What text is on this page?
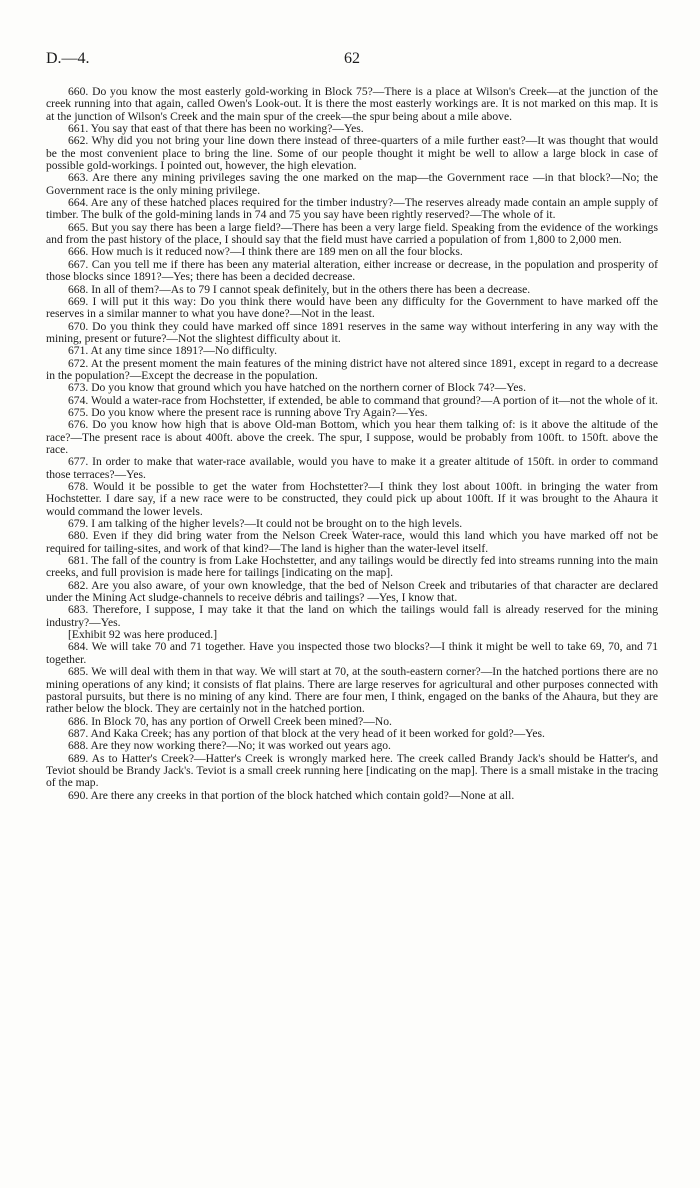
D.—4.	62

660. Do you know the most easterly gold-working in Block 75?—There is a place at Wilson's Creek—at the junction of the creek running into that again, called Owen's Look-out. It is there the most easterly workings are. It is not marked on this map. It is at the junction of Wilson's Creek and the main spur of the creek—the spur being about a mile above.

661. You say that east of that there has been no working?—Yes.

662. Why did you not bring your line down there instead of three-quarters of a mile further east?—It was thought that would be the most convenient place to bring the line. Some of our people thought it might be well to allow a large block in case of possible gold-workings. I pointed out, however, the high elevation.

663. Are there any mining privileges saving the one marked on the map—the Government race —in that block?—No; the Government race is the only mining privilege.

664. Are any of these hatched places required for the timber industry?—The reserves already made contain an ample supply of timber. The bulk of the gold-mining lands in 74 and 75 you say have been rightly reserved?—The whole of it.

665. But you say there has been a large field?—There has been a very large field. Speaking from the evidence of the workings and from the past history of the place, I should say that the field must have carried a population of from 1,800 to 2,000 men.

666. How much is it reduced now?—I think there are 189 men on all the four blocks.

667. Can you tell me if there has been any material alteration, either increase or decrease, in the population and prosperity of those blocks since 1891?—Yes; there has been a decided decrease.

668. In all of them?—As to 79 I cannot speak definitely, but in the others there has been a decrease.

669. I will put it this way: Do you think there would have been any difficulty for the Government to have marked off the reserves in a similar manner to what you have done?—Not in the least.

670. Do you think they could have marked off since 1891 reserves in the same way without interfering in any way with the mining, present or future?—Not the slightest difficulty about it.

671. At any time since 1891?—No difficulty.

672. At the present moment the main features of the mining district have not altered since 1891, except in regard to a decrease in the population?—Except the decrease in the population.

673. Do you know that ground which you have hatched on the northern corner of Block 74?—Yes.

674. Would a water-race from Hochstetter, if extended, be able to command that ground?—A portion of it—not the whole of it.

675. Do you know where the present race is running above Try Again?—Yes.

676. Do you know how high that is above Old-man Bottom, which you hear them talking of: is it above the altitude of the race?—The present race is about 400ft. above the creek. The spur, I suppose, would be probably from 100ft. to 150ft. above the race.

677. In order to make that water-race available, would you have to make it a greater altitude of 150ft. in order to command those terraces?—Yes.

678. Would it be possible to get the water from Hochstetter?—I think they lost about 100ft. in bringing the water from Hochstetter. I dare say, if a new race were to be constructed, they could pick up about 100ft. If it was brought to the Ahaura it would command the lower levels.

679. I am talking of the higher levels?—It could not be brought on to the high levels.

680. Even if they did bring water from the Nelson Creek Water-race, would this land which you have marked off not be required for tailing-sites, and work of that kind?—The land is higher than the water-level itself.

681. The fall of the country is from Lake Hochstetter, and any tailings would be directly fed into streams running into the main creeks, and full provision is made here for tailings [indicating on the map].

682. Are you also aware, of your own knowledge, that the bed of Nelson Creek and tributaries of that character are declared under the Mining Act sludge-channels to receive débris and tailings? —Yes, I know that.

683. Therefore, I suppose, I may take it that the land on which the tailings would fall is already reserved for the mining industry?—Yes.

[Exhibit 92 was here produced.]

684. We will take 70 and 71 together. Have you inspected those two blocks?—I think it might be well to take 69, 70, and 71 together.

685. We will deal with them in that way. We will start at 70, at the south-eastern corner?—In the hatched portions there are no mining operations of any kind; it consists of flat plains. There are large reserves for agricultural and other purposes connected with pastoral pursuits, but there is no mining of any kind. There are four men, I think, engaged on the banks of the Ahaura, but they are rather below the block. They are certainly not in the hatched portion.

686. In Block 70, has any portion of Orwell Creek been mined?—No.

687. And Kaka Creek; has any portion of that block at the very head of it been worked for gold?—Yes.

688. Are they now working there?—No; it was worked out years ago.

689. As to Hatter's Creek?—Hatter's Creek is wrongly marked here. The creek called Brandy Jack's should be Hatter's, and Teviot should be Brandy Jack's. Teviot is a small creek running here [indicating on the map]. There is a small mistake in the tracing of the map.

690. Are there any creeks in that portion of the block hatched which contain gold?—None at all.
